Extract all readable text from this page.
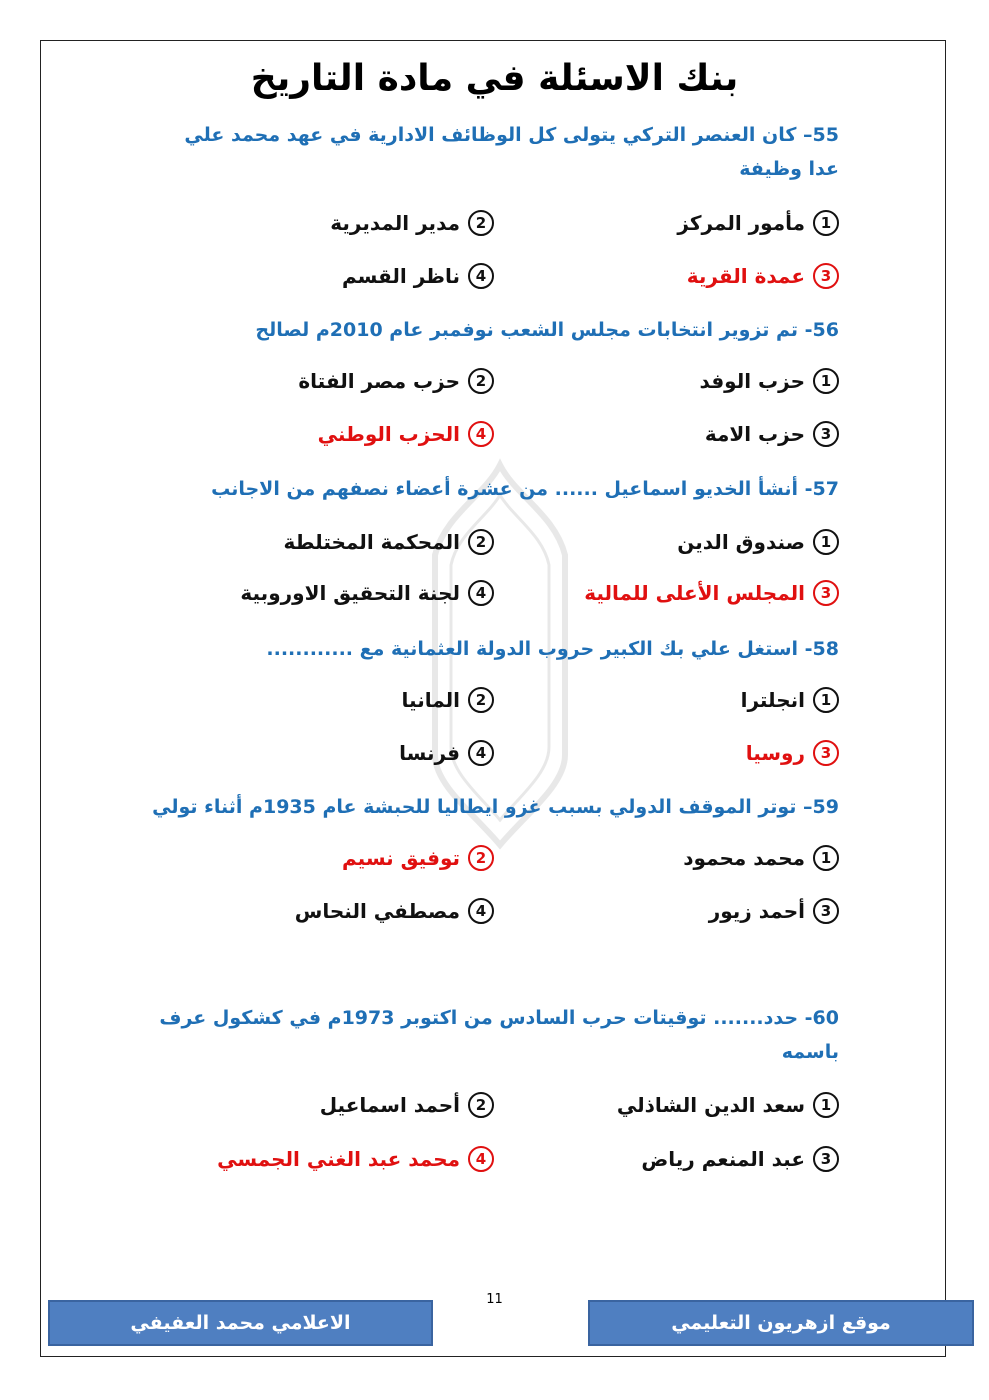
بنك الاسئلة في مادة التاريخ
55– كان العنصر التركي يتولى كل الوظائف الادارية في عهد محمد علي عدا وظيفة
1
مأمور المركز
2
مدير المديرية
3
عمدة القرية
4
ناظر القسم
56- تم تزوير انتخابات مجلس الشعب نوفمبر عام 2010م لصالح
1
حزب الوفد
2
حزب مصر الفتاة
3
حزب الامة
4
الحزب الوطني
57- أنشأ الخديو اسماعيل ...... من عشرة أعضاء نصفهم من الاجانب
1
صندوق الدين
2
المحكمة المختلطة
3
المجلس الأعلى للمالية
4
لجنة التحقيق الاوروبية
58- استغل علي بك الكبير حروب الدولة العثمانية مع ............
1
انجلترا
2
المانيا
3
روسيا
4
فرنسا
59– توتر الموقف الدولي بسبب غزو ايطاليا للحبشة عام 1935م أثناء تولي
1
محمد محمود
2
توفيق نسيم
3
أحمد زيور
4
مصطفي النحاس
60- حدد....... توقيتات حرب السادس من اكتوبر 1973م في كشكول عرف باسمه
1
سعد الدين الشاذلي
2
أحمد اسماعيل
3
عبد المنعم رياض
4
محمد عبد الغني الجمسي
11
الاعلامي محمد العفيفي	موقع ازهريون التعليمي
